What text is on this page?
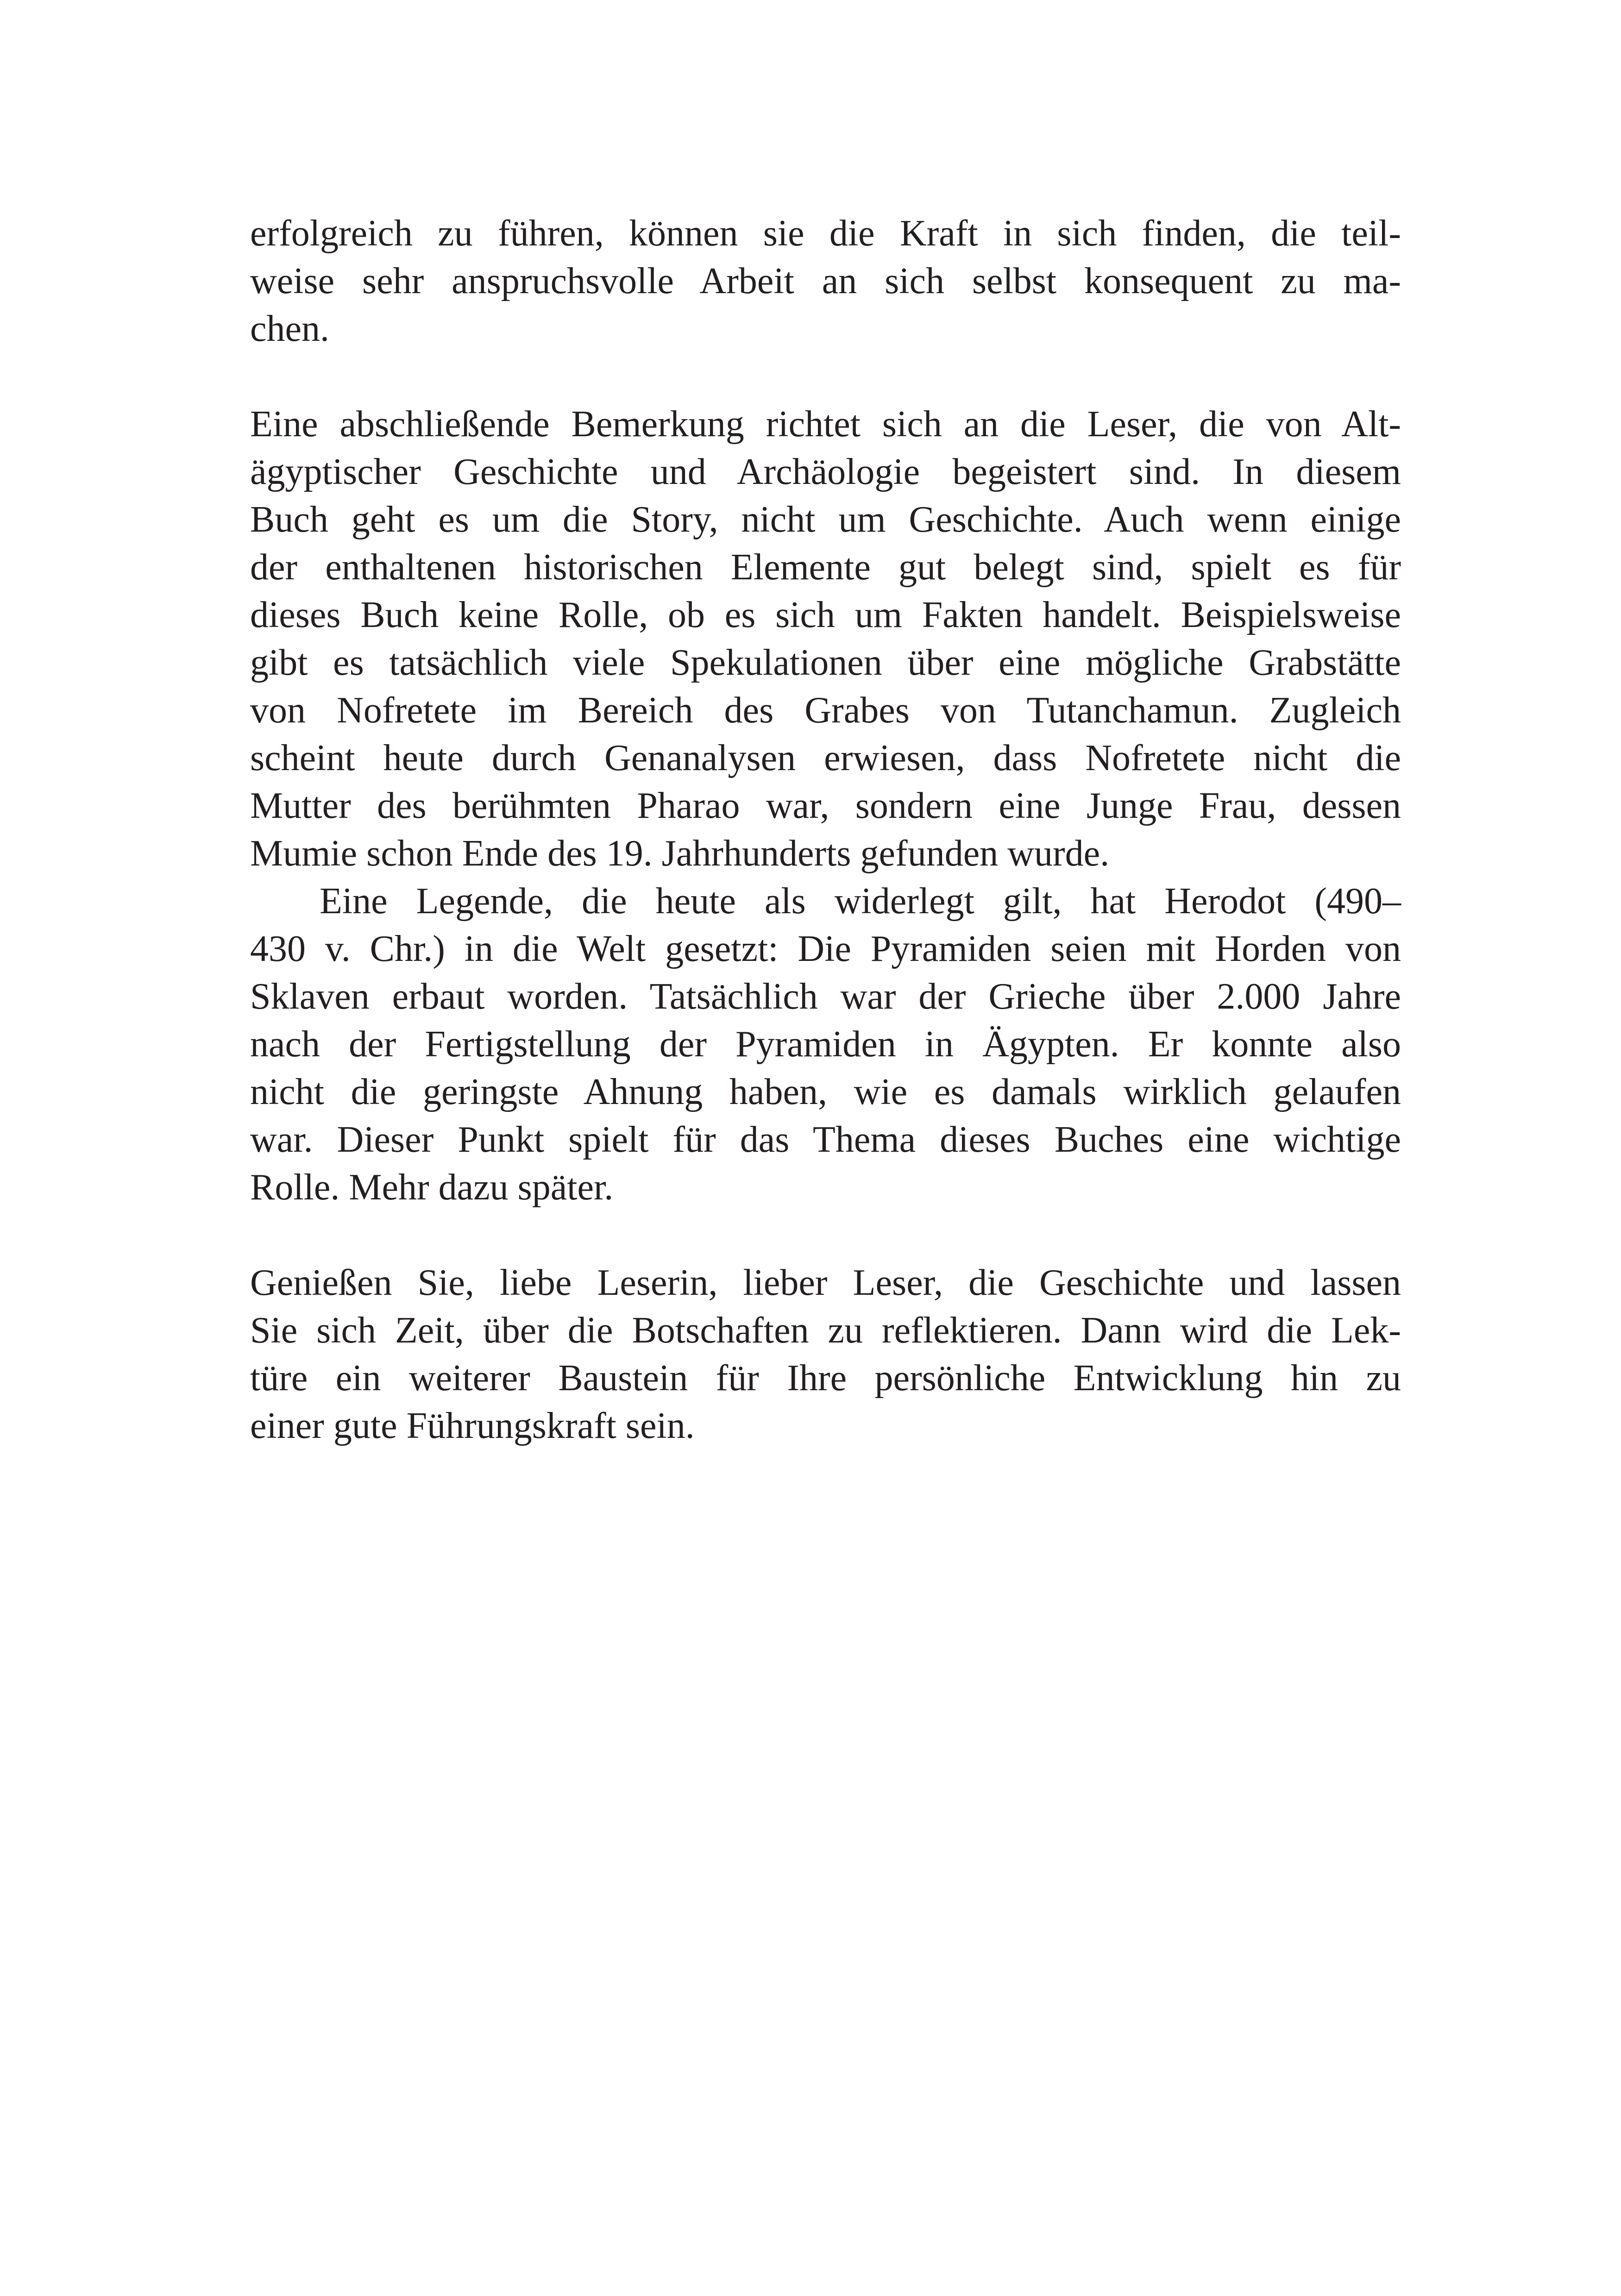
erfolgreich zu führen, können sie die Kraft in sich finden, die teil-
weise sehr anspruchsvolle Arbeit an sich selbst konsequent zu ma-
chen.
Eine abschließende Bemerkung richtet sich an die Leser, die von Alt-
ägyptischer Geschichte und Archäologie begeistert sind. In diesem
Buch geht es um die Story, nicht um Geschichte. Auch wenn einige
der enthaltenen historischen Elemente gut belegt sind, spielt es für
dieses Buch keine Rolle, ob es sich um Fakten handelt. Beispielsweise
gibt es tatsächlich viele Spekulationen über eine mögliche Grabstätte
von Nofretete im Bereich des Grabes von Tutanchamun. Zugleich
scheint heute durch Genanalysen erwiesen, dass Nofretete nicht die
Mutter des berühmten Pharao war, sondern eine Junge Frau, dessen
Mumie schon Ende des 19. Jahrhunderts gefunden wurde.
Eine Legende, die heute als widerlegt gilt, hat Herodot (490–
430 v. Chr.) in die Welt gesetzt: Die Pyramiden seien mit Horden von
Sklaven erbaut worden. Tatsächlich war der Grieche über 2.000 Jahre
nach der Fertigstellung der Pyramiden in Ägypten. Er konnte also
nicht die geringste Ahnung haben, wie es damals wirklich gelaufen
war. Dieser Punkt spielt für das Thema dieses Buches eine wichtige
Rolle. Mehr dazu später.
Genießen Sie, liebe Leserin, lieber Leser, die Geschichte und lassen
Sie sich Zeit, über die Botschaften zu reflektieren. Dann wird die Lek-
türe ein weiterer Baustein für Ihre persönliche Entwicklung hin zu
einer gute Führungskraft sein.
